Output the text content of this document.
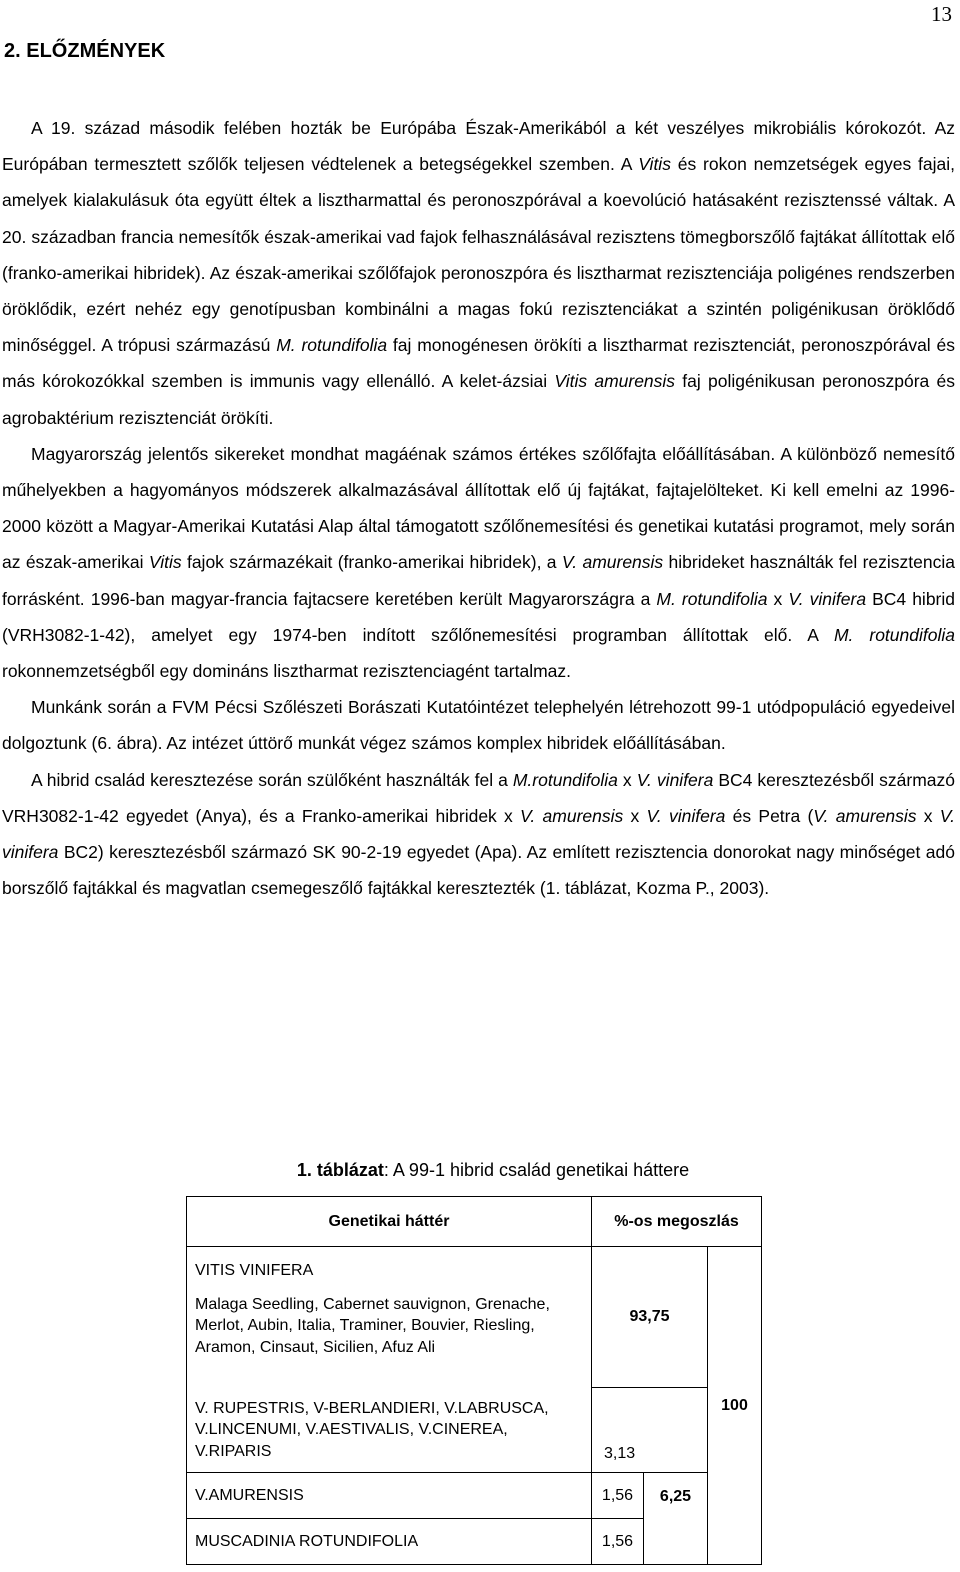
13
2. ELŐZMÉNYEK

A 19. század második felében hozták be Európába Észak-Amerikából a két veszélyes mikrobiális kórokozót. Az Európában termesztett szőlők teljesen védtelenek a betegségekkel szemben. A Vitis és rokon nemzetségek egyes fajai, amelyek kialakulásuk óta együtt éltek a lisztharmattal és peronoszpórával a koevolúció hatásaként rezisztenssé váltak. A 20. században francia nemesítők észak-amerikai vad fajok felhasználásával rezisztens tömegborszőlő fajtákat állítottak elő (franko-amerikai hibridek). Az észak-amerikai szőlőfajok peronoszpóra és lisztharmat rezisztenciája poligénes rendszerben öröklődik, ezért nehéz egy genotípusban kombinálni a magas fokú rezisztenciákat a szintén poligénikusan öröklődő minőséggel. A trópusi származású M. rotundifolia faj monogénesen örökíti a lisztharmat rezisztenciát, peronoszpórával és más kórokozókkal szemben is immunis vagy ellenálló. A kelet-ázsiai Vitis amurensis faj poligénikusan peronoszpóra és agrobaktérium rezisztenciát örökíti.

Magyarország jelentős sikereket mondhat magáénak számos értékes szőlőfajta előállításában. A különböző nemesítő műhelyekben a hagyományos módszerek alkalmazásával állítottak elő új fajtákat, fajtajelölteket. Ki kell emelni az 1996-2000 között a Magyar-Amerikai Kutatási Alap által támogatott szőlőnemesítési és genetikai kutatási programot, mely során az észak-amerikai Vitis fajok származékait (franko-amerikai hibridek), a V. amurensis hibrideket használták fel rezisztencia forrásként. 1996-ban magyar-francia fajtacsere keretében került Magyarországra a M. rotundifolia x V. vinifera BC4 hibrid (VRH3082-1-42), amelyet egy 1974-ben indított szőlőnemesítési programban állítottak elő. A M. rotundifolia rokonnemzetségből egy domináns lisztharmat rezisztenciagént tartalmaz.

Munkánk során a FVM Pécsi Szőlészeti Borászati Kutatóintézet telephelyén létrehozott 99-1 utódpopuláció egyedeivel dolgoztunk (6. ábra). Az intézet úttörő munkát végez számos komplex hibridek előállításában.

A hibrid család keresztezése során szülőként használták fel a M.rotundifolia x V. vinifera BC4 keresztezésből származó VRH3082-1-42 egyedet (Anya), és a Franko-amerikai hibridek x V. amurensis x V. vinifera és Petra (V. amurensis x V. vinifera BC2) keresztezésből származó SK 90-2-19 egyedet (Apa). Az említett rezisztencia donorokat nagy minőséget adó borszőlő fajtákkal és magvatlan csemegeszőlő fajtákkal keresztezték (1. táblázat, Kozma P., 2003).

1. táblázat: A 99-1 hibrid család genetikai háttere
Genetikai háttér	%-os megoszlás		

VITIS VINIFERA
Malaga Seedling, Cabernet sauvignon, Grenache, Merlot, Aubin, Italia, Traminer, Bouvier, Riesling, Aramon, Cinsaut, Sicilien, Afuz Ali	93,75		100

V. RUPESTRIS, V-BERLANDIERI, V.LABRUSCA, V.LINCENUMI, V.AESTIVALIS, V.CINEREA, V.RIPARIS	3,13		

V.AMURENSIS	1,56	6,25	

MUSCADINIA ROTUNDIFOLIA	1,56		
